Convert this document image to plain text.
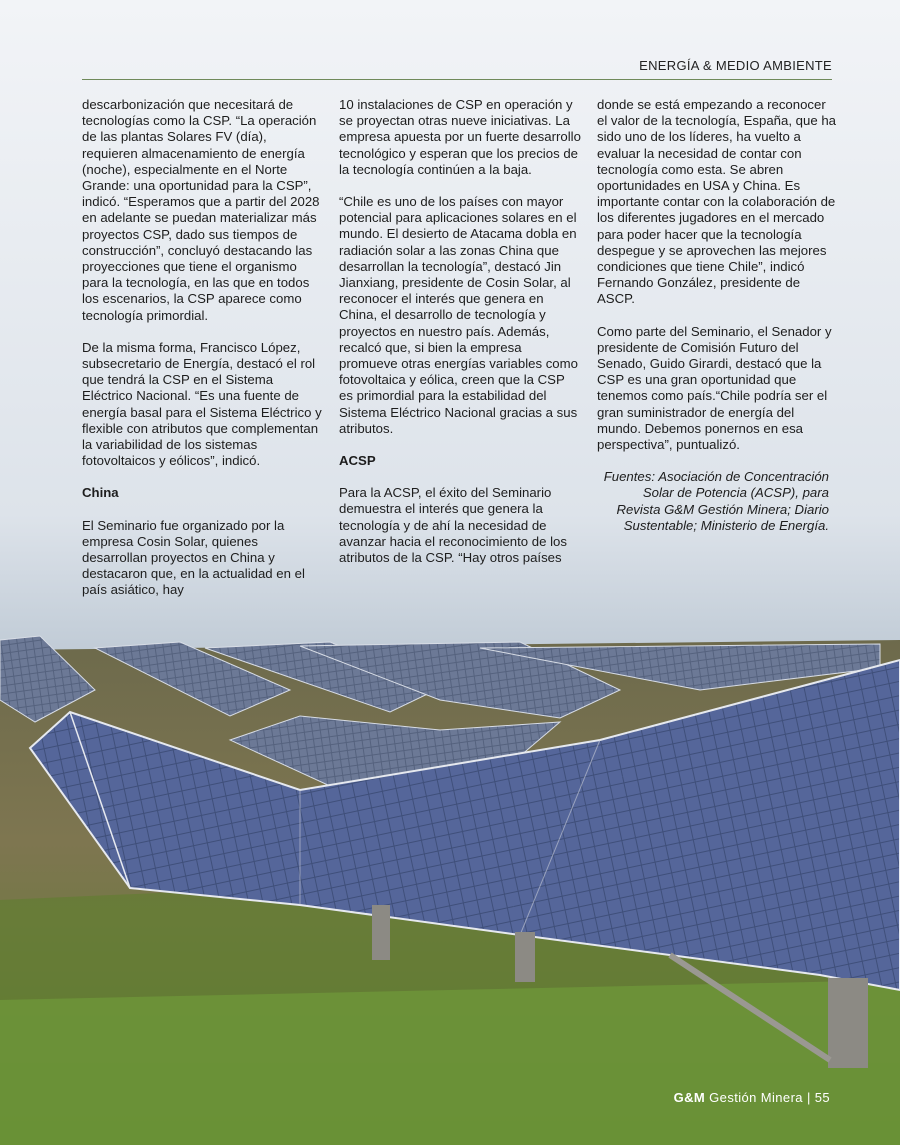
ENERGÍA & MEDIO AMBIENTE

descarbonización que necesitará de tecnologías como la CSP. “La operación de las plantas Solares FV (día), requieren almacenamiento de energía (noche), especialmente en el Norte Grande: una oportunidad para la CSP”, indicó. “Esperamos que a partir del 2028 en adelante se puedan materializar más proyectos CSP, dado sus tiempos de construcción”, concluyó destacando las proyecciones que tiene el organismo para la tecnología, en las que en todos los escenarios, la CSP aparece como tecnología primordial.

De la misma forma, Francisco López, subsecretario de Energía, destacó el rol que tendrá la CSP en el Sistema Eléctrico Nacional. “Es una fuente de energía basal para el Sistema Eléctrico y flexible con atributos que complementan la variabilidad de los sistemas fotovoltaicos y eólicos”, indicó.

China

El Seminario fue organizado por la empresa Cosin Solar, quienes desarrollan proyectos en China y destacaron que, en la actualidad en el país asiático, hay

10 instalaciones de CSP en operación y se proyectan otras nueve iniciativas. La empresa apuesta por un fuerte desarrollo tecnológico y esperan que los precios de la tecnología continúen a la baja.

“Chile es uno de los países con mayor potencial para aplicaciones solares en el mundo. El desierto de Atacama dobla en radiación solar a las zonas China que desarrollan la tecnología”, destacó Jin Jianxiang, presidente de Cosin Solar, al reconocer el interés que genera en China, el desarrollo de tecnología y proyectos en nuestro país. Además, recalcó que, si bien la empresa promueve otras energías variables como fotovoltaica y eólica, creen que la CSP es primordial para la estabilidad del Sistema Eléctrico Nacional gracias a sus atributos.

ACSP

Para la ACSP, el éxito del Seminario demuestra el interés que genera la tecnología y de ahí la necesidad de avanzar hacia el reconocimiento de los atributos de la CSP. “Hay otros países

donde se está empezando a reconocer el valor de la tecnología, España, que ha sido uno de los líderes, ha vuelto a evaluar la necesidad de contar con tecnología como esta. Se abren oportunidades en USA y China. Es importante contar con la colaboración de los diferentes jugadores en el mercado para poder hacer que la tecnología despegue y se aprovechen las mejores condiciones que tiene Chile”, indicó Fernando González, presidente de ASCP.

Como parte del Seminario, el Senador y presidente de Comisión Futuro del Senado, Guido Girardi, destacó que la CSP es una gran oportunidad que tenemos como país.“Chile podría ser el gran suministrador de energía del mundo. Debemos ponernos en esa perspectiva”, puntualizó.

Fuentes: Asociación de Concentración Solar de Potencia (ACSP), para Revista G&M Gestión Minera; Diario Sustentable; Ministerio de Energía.

G&M Gestión Minera | 55
